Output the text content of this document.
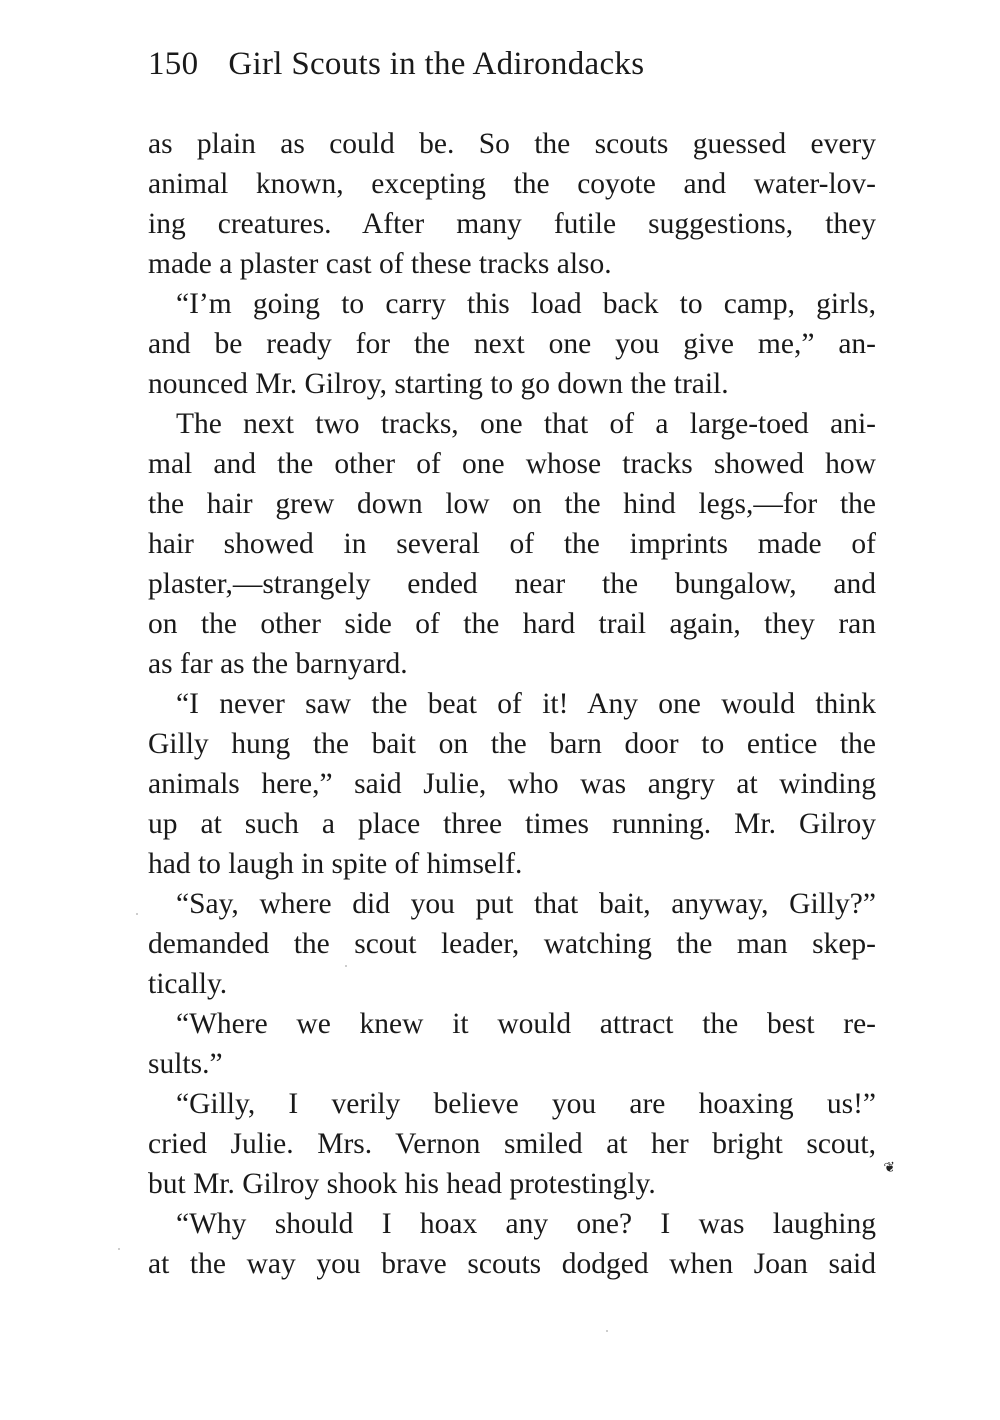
150 Girl Scouts in the Adirondacks
as plain as could be. So the scouts guessed every
animal known, excepting the coyote and water-lov-
ing creatures. After many futile suggestions, they
made a plaster cast of these tracks also.
“I’m going to carry this load back to camp, girls,
and be ready for the next one you give me,” an-
nounced Mr. Gilroy, starting to go down the trail.
The next two tracks, one that of a large-toed ani-
mal and the other of one whose tracks showed how
the hair grew down low on the hind legs,—for the
hair showed in several of the imprints made of
plaster,—strangely ended near the bungalow, and
on the other side of the hard trail again, they ran
as far as the barnyard.
“I never saw the beat of it! Any one would think
Gilly hung the bait on the barn door to entice the
animals here,” said Julie, who was angry at winding
up at such a place three times running. Mr. Gilroy
had to laugh in spite of himself.
“Say, where did you put that bait, anyway, Gilly?”
demanded the scout leader, watching the man skep-
tically.
“Where we knew it would attract the best re-
sults.”
“Gilly, I verily believe you are hoaxing us!”
cried Julie. Mrs. Vernon smiled at her bright scout,
but Mr. Gilroy shook his head protestingly.
“Why should I hoax any one? I was laughing
at the way you brave scouts dodged when Joan said
❦
